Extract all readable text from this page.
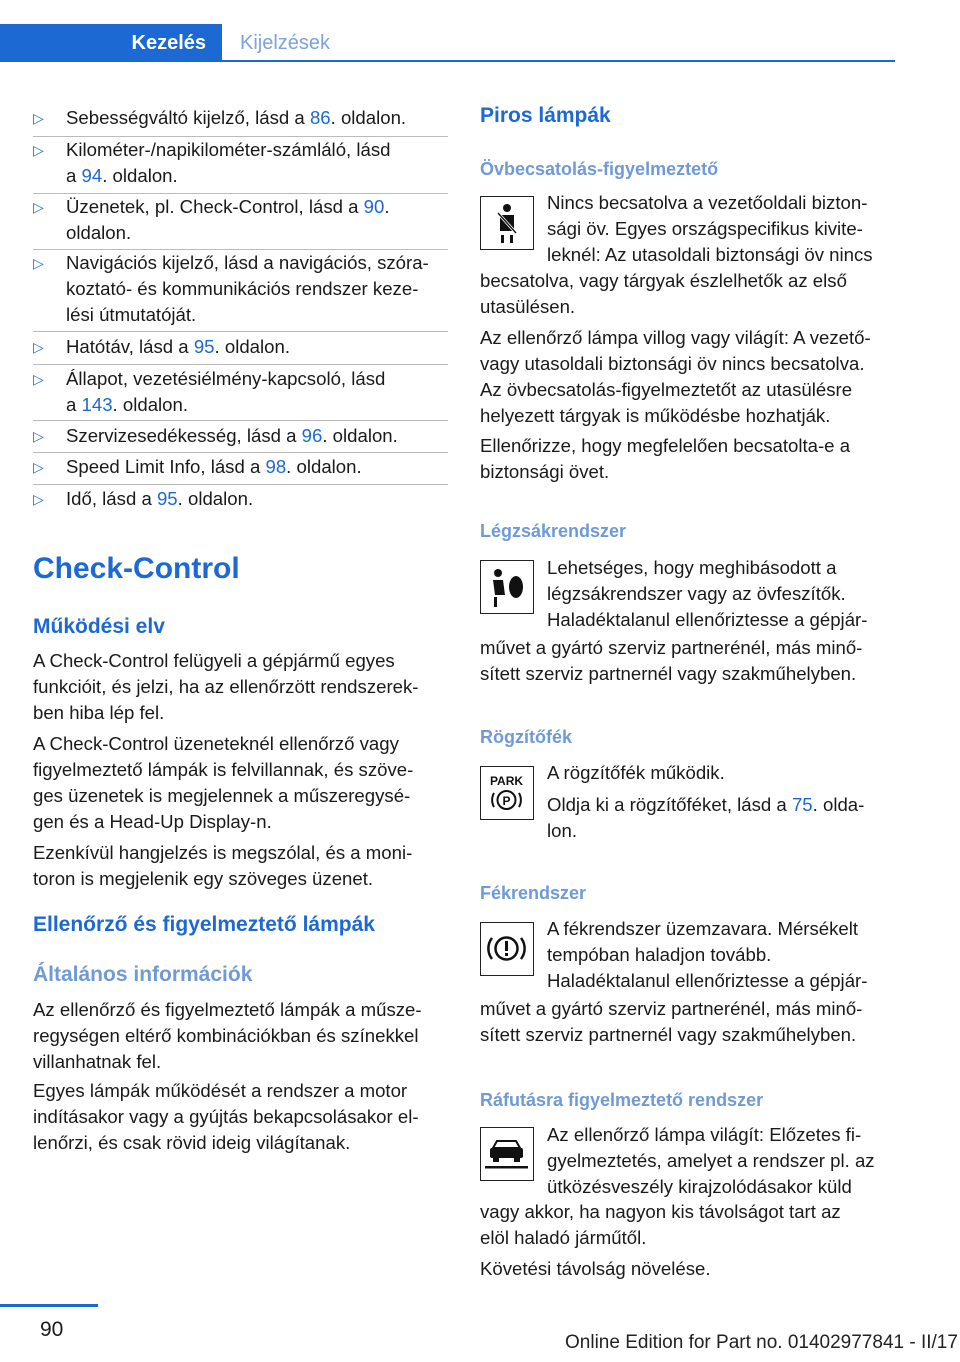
Kezelés	Kijelzések
▷ Sebességváltó kijelző, lásd a 86. oldalon.
▷ Kilométer-/napikilométer-számláló, lásd
a 94. oldalon.
▷ Üzenetek, pl. Check-Control, lásd a 90.
oldalon.
▷ Navigációs kijelző, lásd a navigációs, szóra-
koztató- és kommunikációs rendszer keze-
lési útmutatóját.
▷ Hatótáv, lásd a 95. oldalon.
▷ Állapot, vezetésiélmény-kapcsoló, lásd
a 143. oldalon.
▷ Szervizesedékesség, lásd a 96. oldalon.
▷ Speed Limit Info, lásd a 98. oldalon.
▷ Idő, lásd a 95. oldalon.
Check-Control
Működési elv
A Check-Control felügyeli a gépjármű egyes
funkcióit, és jelzi, ha az ellenőrzött rendszerek-
ben hiba lép fel.
A Check-Control üzeneteknél ellenőrző vagy
figyelmeztető lámpák is felvillannak, és szöve-
ges üzenetek is megjelennek a műszeregysé-
gen és a Head-Up Display-n.
Ezenkívül hangjelzés is megszólal, és a moni-
toron is megjelenik egy szöveges üzenet.
Ellenőrző és figyelmeztető lámpák
Általános információk
Az ellenőrző és figyelmeztető lámpák a műsze-
regységen eltérő kombinációkban és színekkel
villanhatnak fel.
Egyes lámpák működését a rendszer a motor
indításakor vagy a gyújtás bekapcsolásakor el-
lenőrzi, és csak rövid ideig világítanak.
Piros lámpák
Övbecsatolás-figyelmeztető
Nincs becsatolva a vezetőoldali bizton-
sági öv. Egyes országspecifikus kivite-
leknél: Az utasoldali biztonsági öv nincs
becsatolva, vagy tárgyak észlelhetők az első
utasülésen.
Az ellenőrző lámpa villog vagy világít: A vezető-
vagy utasoldali biztonsági öv nincs becsatolva.
Az övbecsatolás-figyelmeztetőt az utasülésre
helyezett tárgyak is működésbe hozhatják.
Ellenőrizze, hogy megfelelően becsatolta-e a
biztonsági övet.
Légzsákrendszer
Lehetséges, hogy meghibásodott a
légzsákrendszer vagy az övfeszítők.
Haladéktalanul ellenőriztesse a gépjár-
művet a gyártó szerviz partnerénél, más minő-
sített szerviz partnernél vagy szakműhelyben.
Rögzítőfék
PARK
P
A rögzítőfék működik.
Oldja ki a rögzítőféket, lásd a 75. olda-
lon.
Fékrendszer
A fékrendszer üzemzavara. Mérsékelt
tempóban haladjon tovább.
Haladéktalanul ellenőriztesse a gépjár-
művet a gyártó szerviz partnerénél, más minő-
sített szerviz partnernél vagy szakműhelyben.
Ráfutásra figyelmeztető rendszer
Az ellenőrző lámpa világít: Előzetes fi-
gyelmeztetés, amelyet a rendszer pl. az
ütközésveszély kirajzolódásakor küld
vagy akkor, ha nagyon kis távolságot tart az
elöl haladó járműtől.
Követési távolság növelése.
90
Online Edition for Part no. 01402977841 - II/17
